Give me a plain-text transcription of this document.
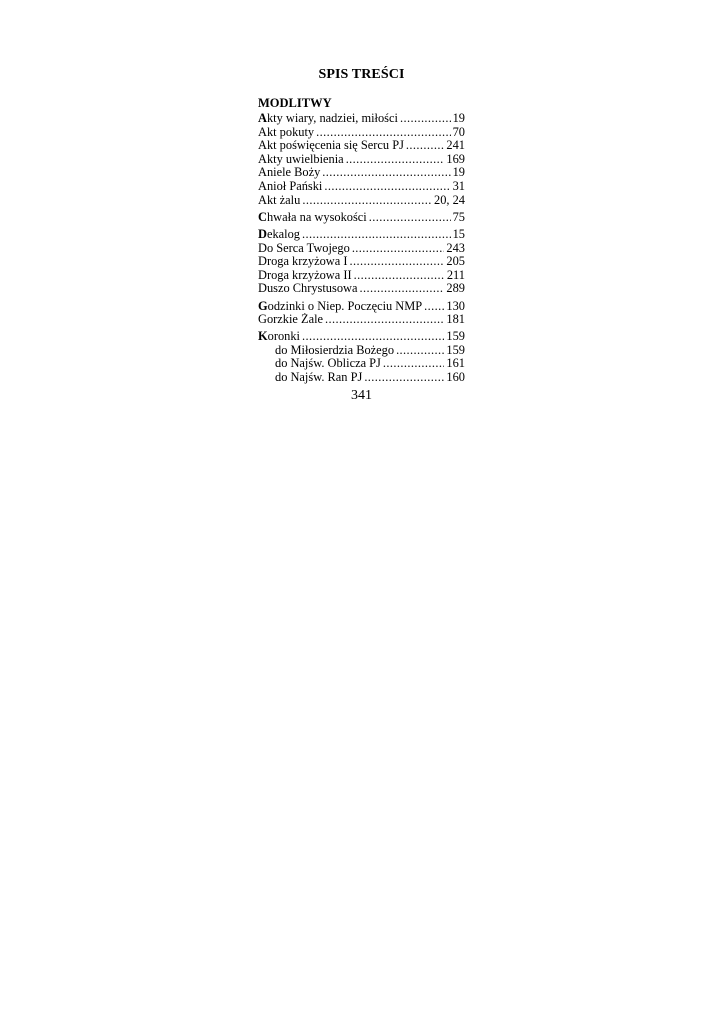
SPIS TREŚCI
MODLITWY
Akty wiary, nadziei, miłości .....	19
Akt pokuty .....	70
Akt poświęcenia się Sercu PJ .....	241
Akty uwielbienia .....	169
Aniele Boży .....	19
Anioł Pański .....	31
Akt żalu .....	20, 24
Chwała na wysokości .....	75
Dekalog .....	15
Do Serca Twojego .....	243
Droga krzyżowa I .....	205
Droga krzyżowa II .....	211
Duszo Chrystusowa .....	289
Godzinki o Niep. Poczęciu NMP ..... 130
Gorzkie Żale .....	181
Koronki .....	159
do Miłosierdzia Bożego .....	159
do Najśw. Oblicza PJ .....	161
do Najśw. Ran PJ .....	160
341
